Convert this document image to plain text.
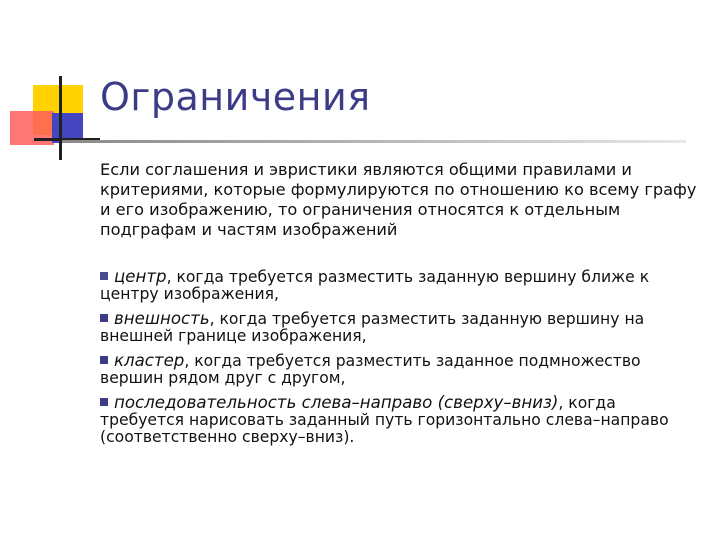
Ограничения
Если соглашения и эвристики являются общими правилами и критериями, которые формулируются по отношению ко всему графу и его изображению, то ограничения относятся к отдельным подграфам и частям изображений
центр, когда требуется разместить заданную вершину ближе к центру изображения,
внешность, когда требуется разместить заданную вершину на внешней границе изображения,
кластер, когда требуется разместить заданное подмножество вершин рядом друг с другом,
последовательность слева–направо (сверху–вниз), когда требуется нарисовать заданный путь горизонтально слева–направо (соответственно сверху–вниз).
